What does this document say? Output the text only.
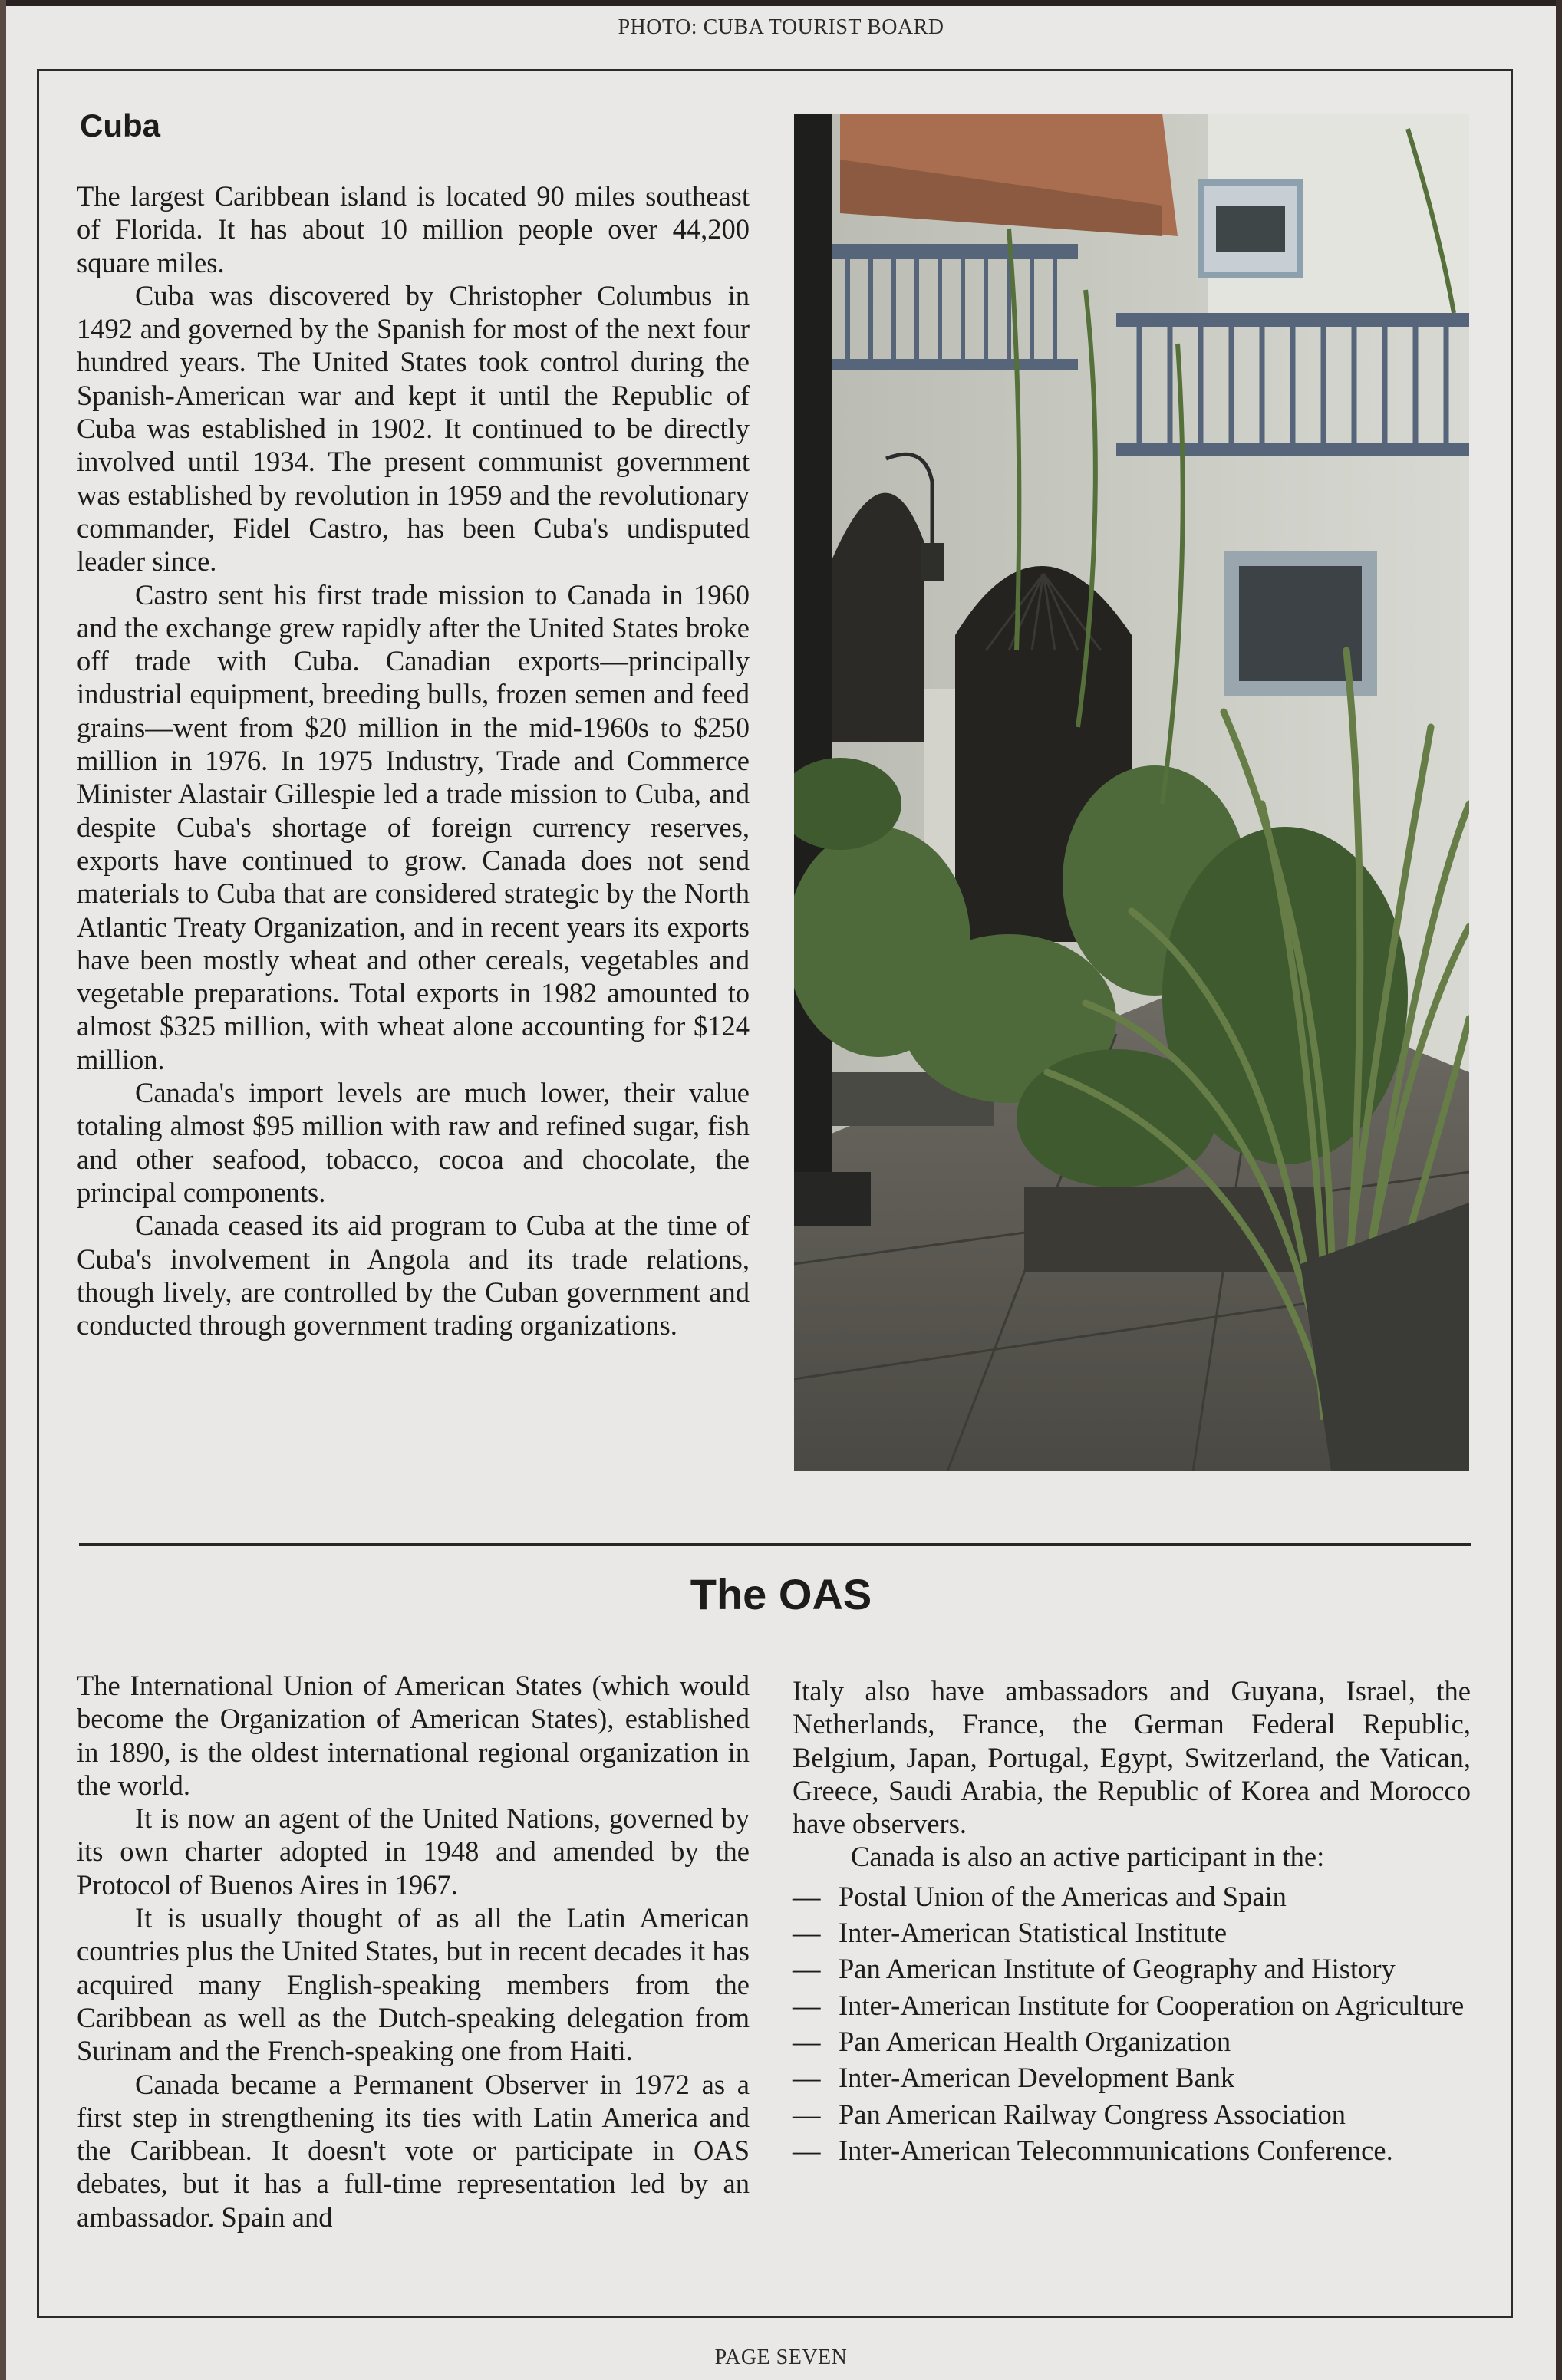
PHOTO: CUBA TOURIST BOARD
Cuba

The largest Caribbean island is located 90 miles southeast of Florida. It has about 10 million people over 44,200 square miles.

Cuba was discovered by Christopher Columbus in 1492 and governed by the Spanish for most of the next four hundred years. The United States took control during the Spanish-American war and kept it until the Republic of Cuba was established in 1902. It continued to be directly involved until 1934. The present communist government was established by revolution in 1959 and the revolutionary commander, Fidel Castro, has been Cuba's undisputed leader since.

Castro sent his first trade mission to Canada in 1960 and the exchange grew rapidly after the United States broke off trade with Cuba. Canadian exports—principally industrial equipment, breeding bulls, frozen semen and feed grains—went from $20 million in the mid-1960s to $250 million in 1976. In 1975 Industry, Trade and Commerce Minister Alastair Gillespie led a trade mission to Cuba, and despite Cuba's shortage of foreign currency reserves, exports have continued to grow. Canada does not send materials to Cuba that are considered strategic by the North Atlantic Treaty Organization, and in recent years its exports have been mostly wheat and other cereals, vegetables and vegetable preparations. Total exports in 1982 amounted to almost $325 million, with wheat alone accounting for $124 million.

Canada's import levels are much lower, their value totaling almost $95 million with raw and refined sugar, fish and other seafood, tobacco, cocoa and chocolate, the principal components.

Canada ceased its aid program to Cuba at the time of Cuba's involvement in Angola and its trade relations, though lively, are controlled by the Cuban government and conducted through government trading organizations.

The OAS

The International Union of American States (which would become the Organization of American States), established in 1890, is the oldest international regional organization in the world.

It is now an agent of the United Nations, governed by its own charter adopted in 1948 and amended by the Protocol of Buenos Aires in 1967.

It is usually thought of as all the Latin American countries plus the United States, but in recent decades it has acquired many English-speaking members from the Caribbean as well as the Dutch-speaking delegation from Surinam and the French-speaking one from Haiti.

Canada became a Permanent Observer in 1972 as a first step in strengthening its ties with Latin America and the Caribbean. It doesn't vote or participate in OAS debates, but it has a full-time representation led by an ambassador. Spain and

Italy also have ambassadors and Guyana, Israel, the Netherlands, France, the German Federal Republic, Belgium, Japan, Portugal, Egypt, Switzerland, the Vatican, Greece, Saudi Arabia, the Republic of Korea and Morocco have observers.

Canada is also an active participant in the:

— Postal Union of the Americas and Spain
— Inter-American Statistical Institute
— Pan American Institute of Geography and History
— Inter-American Institute for Cooperation on Agriculture
— Pan American Health Organization
— Inter-American Development Bank
— Pan American Railway Congress Association
— Inter-American Telecommunications Conference.
PAGE SEVEN
